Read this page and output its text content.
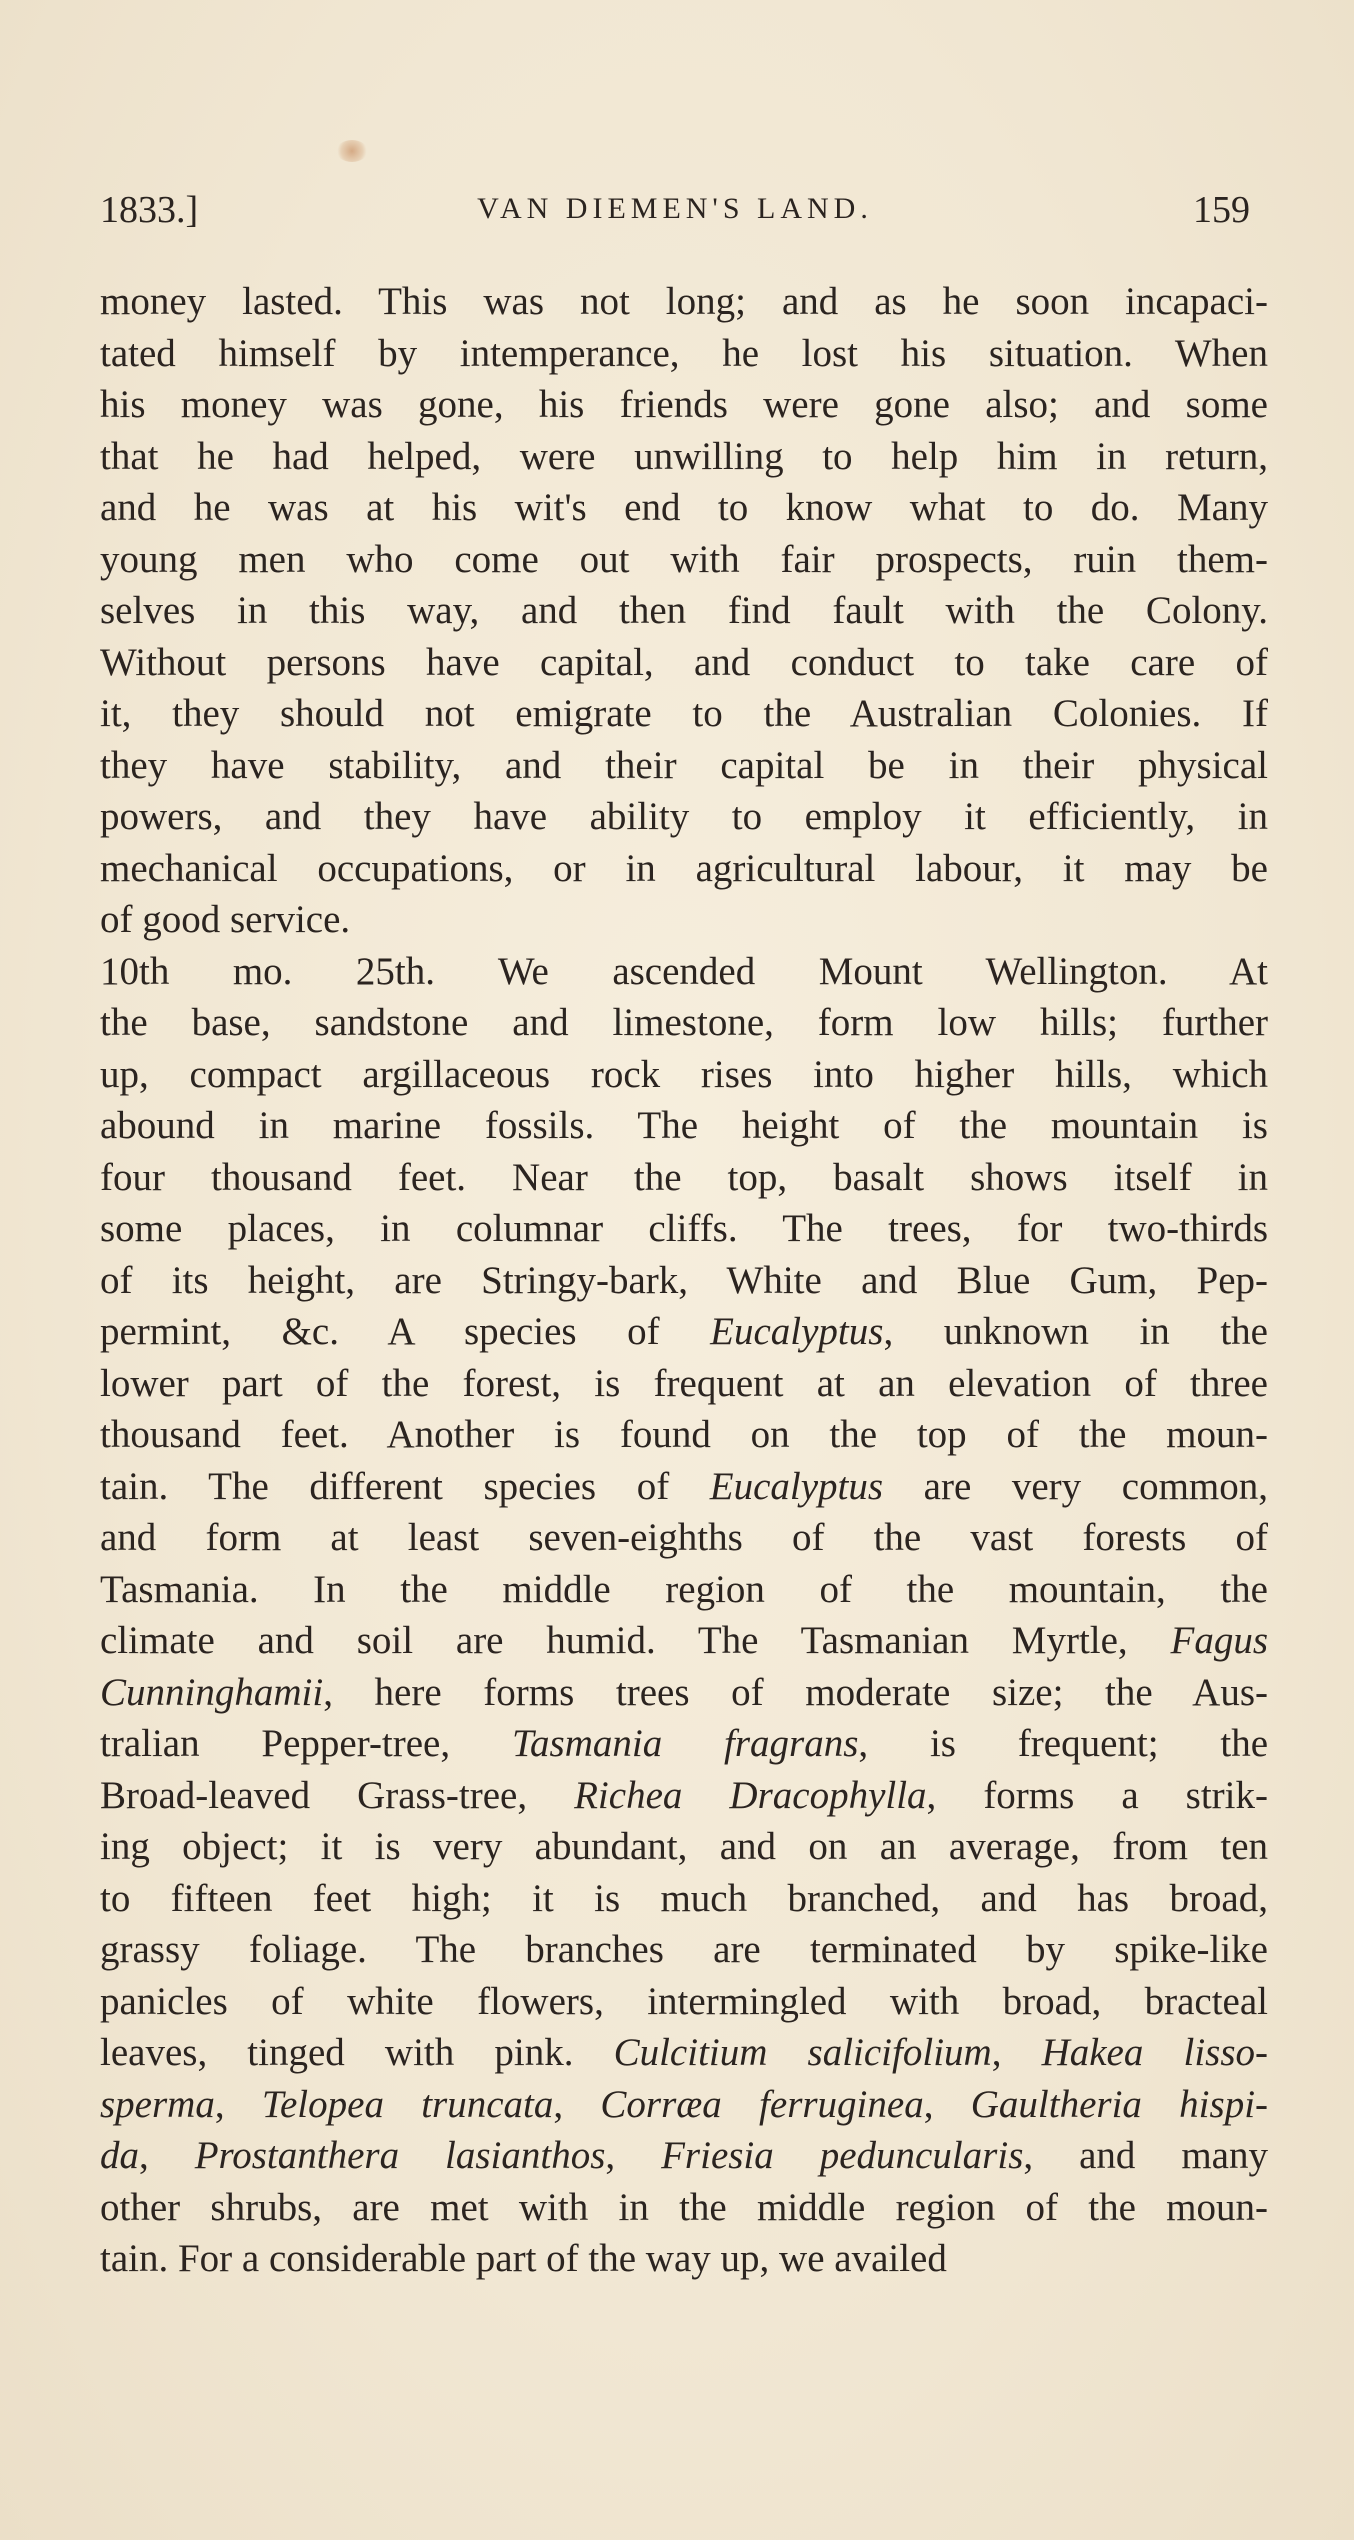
1833.]	VAN DIEMEN'S LAND.	159
money lasted. This was not long; and as he soon incapaci-
tated himself by intemperance, he lost his situation. When
his money was gone, his friends were gone also; and some
that he had helped, were unwilling to help him in return,
and he was at his wit's end to know what to do. Many
young men who come out with fair prospects, ruin them-
selves in this way, and then find fault with the Colony.
Without persons have capital, and conduct to take care of
it, they should not emigrate to the Australian Colonies. If
they have stability, and their capital be in their physical
powers, and they have ability to employ it efficiently, in
mechanical occupations, or in agricultural labour, it may be
of good service.
10th mo. 25th. We ascended Mount Wellington. At
the base, sandstone and limestone, form low hills; further
up, compact argillaceous rock rises into higher hills, which
abound in marine fossils. The height of the mountain is
four thousand feet. Near the top, basalt shows itself in
some places, in columnar cliffs. The trees, for two-thirds
of its height, are Stringy-bark, White and Blue Gum, Pep-
permint, &c. A species of Eucalyptus, unknown in the
lower part of the forest, is frequent at an elevation of three
thousand feet. Another is found on the top of the moun-
tain. The different species of Eucalyptus are very common,
and form at least seven-eighths of the vast forests of
Tasmania. In the middle region of the mountain, the
climate and soil are humid. The Tasmanian Myrtle, Fagus
Cunninghamii, here forms trees of moderate size; the Aus-
tralian Pepper-tree, Tasmania fragrans, is frequent; the
Broad-leaved Grass-tree, Richea Dracophylla, forms a strik-
ing object; it is very abundant, and on an average, from ten
to fifteen feet high; it is much branched, and has broad,
grassy foliage. The branches are terminated by spike-like
panicles of white flowers, intermingled with broad, bracteal
leaves, tinged with pink. Culcitium salicifolium, Hakea lisso-
sperma, Telopea truncata, Corræa ferruginea, Gaultheria hispi-
da, Prostanthera lasianthos, Friesia peduncularis, and many
other shrubs, are met with in the middle region of the moun-
tain. For a considerable part of the way up, we availed
